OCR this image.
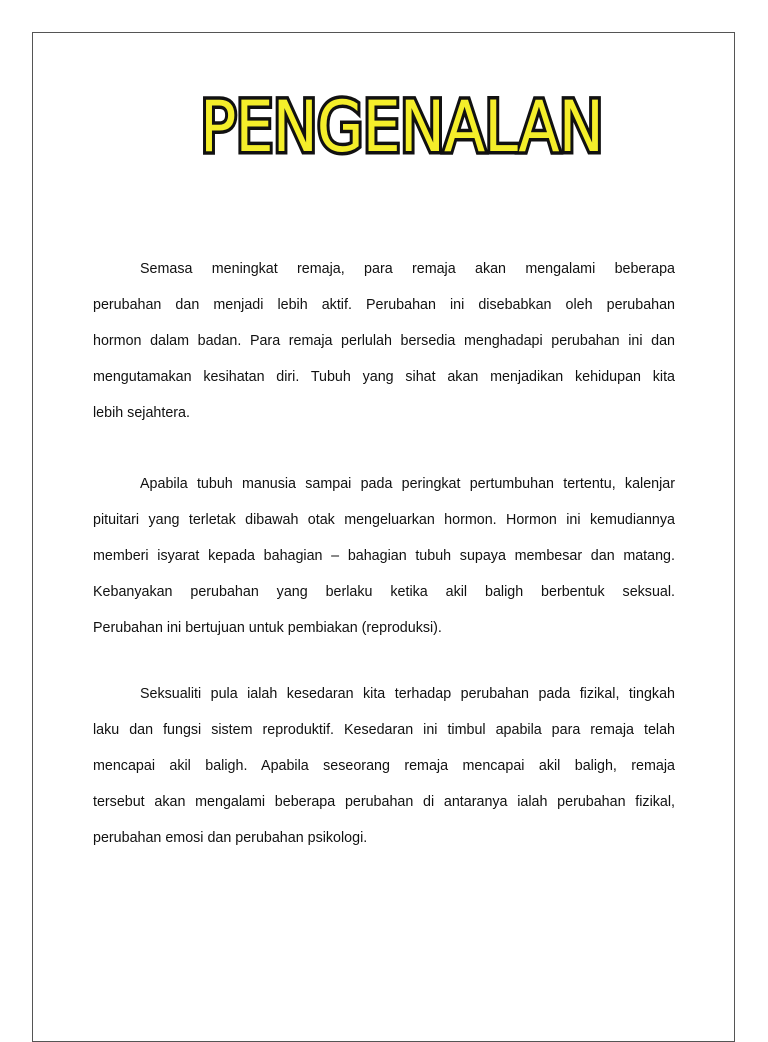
PENGENALAN
Semasa meningkat remaja, para remaja akan mengalami beberapa
perubahan dan menjadi lebih aktif. Perubahan ini disebabkan oleh perubahan
hormon dalam badan. Para remaja perlulah bersedia menghadapi perubahan ini dan
mengutamakan kesihatan diri. Tubuh yang sihat akan menjadikan kehidupan kita
lebih sejahtera.
Apabila tubuh manusia sampai pada peringkat pertumbuhan tertentu, kalenjar
pituitari yang terletak dibawah otak mengeluarkan hormon. Hormon ini kemudiannya
memberi isyarat kepada bahagian – bahagian tubuh supaya membesar dan matang.
Kebanyakan perubahan yang berlaku ketika akil baligh berbentuk seksual.
Perubahan ini bertujuan untuk pembiakan (reproduksi).
Seksualiti pula ialah kesedaran kita terhadap perubahan pada fizikal, tingkah
laku dan fungsi sistem reproduktif. Kesedaran ini timbul apabila para remaja telah
mencapai akil baligh. Apabila seseorang remaja mencapai akil baligh, remaja
tersebut akan mengalami beberapa perubahan di antaranya ialah perubahan fizikal,
perubahan emosi dan perubahan psikologi.
